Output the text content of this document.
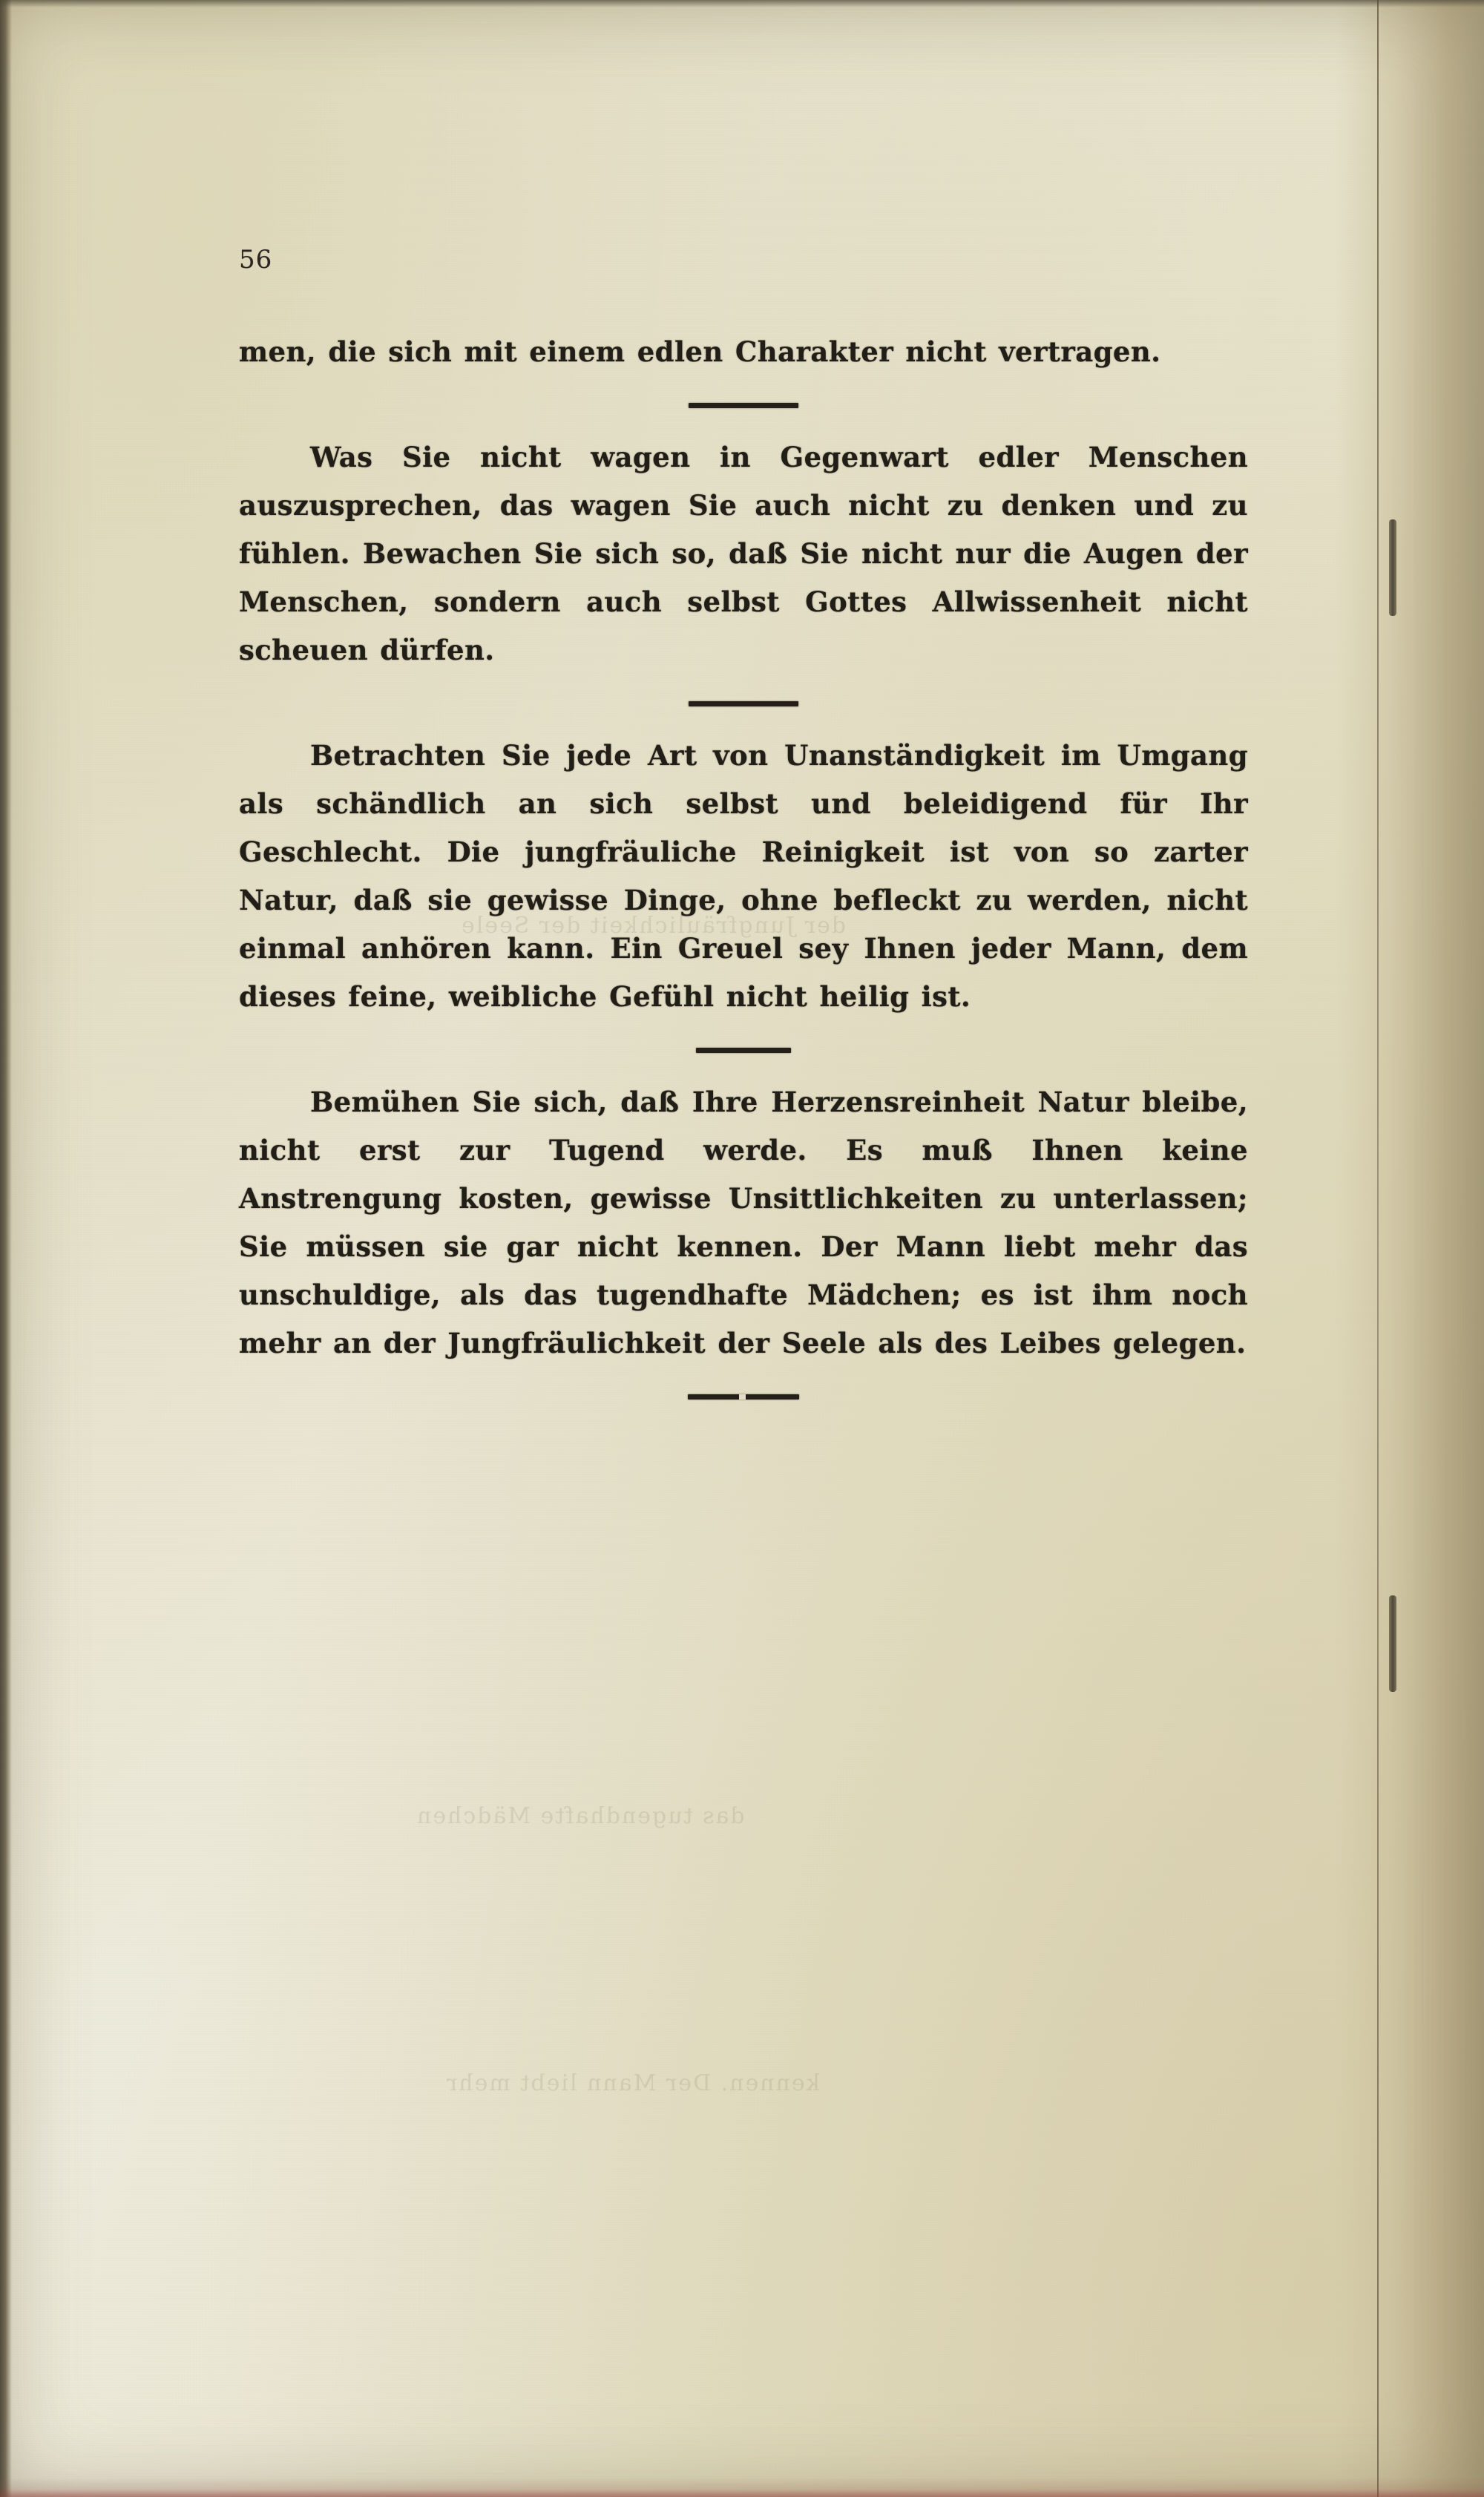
der Jungfräulichkeit der Seele
das tugendhafte Mädchen
kennen. Der Mann liebt mehr
56
men, die sich mit einem edlen Charakter nicht vertragen.
Was Sie nicht wagen in Gegenwart edler Menschen auszusprechen, das wagen Sie auch nicht zu denken und zu fühlen. Bewachen Sie sich so, daß Sie nicht nur die Augen der Menschen, sondern auch selbst Gottes Allwissenheit nicht scheuen dürfen.
Betrachten Sie jede Art von Unanständigkeit im Umgang als schändlich an sich selbst und beleidigend für Ihr Geschlecht. Die jungfräuliche Reinigkeit ist von so zarter Natur, daß sie gewisse Dinge, ohne befleckt zu werden, nicht einmal anhören kann. Ein Greuel sey Ihnen jeder Mann, dem dieses feine, weibliche Gefühl nicht heilig ist.
Bemühen Sie sich, daß Ihre Herzensreinheit Natur bleibe, nicht erst zur Tugend werde. Es muß Ihnen keine Anstrengung kosten, gewisse Unsittlichkeiten zu unterlassen; Sie müssen sie gar nicht kennen. Der Mann liebt mehr das unschuldige, als das tugendhafte Mädchen; es ist ihm noch mehr an der Jungfräulichkeit der Seele als des Leibes gelegen.
